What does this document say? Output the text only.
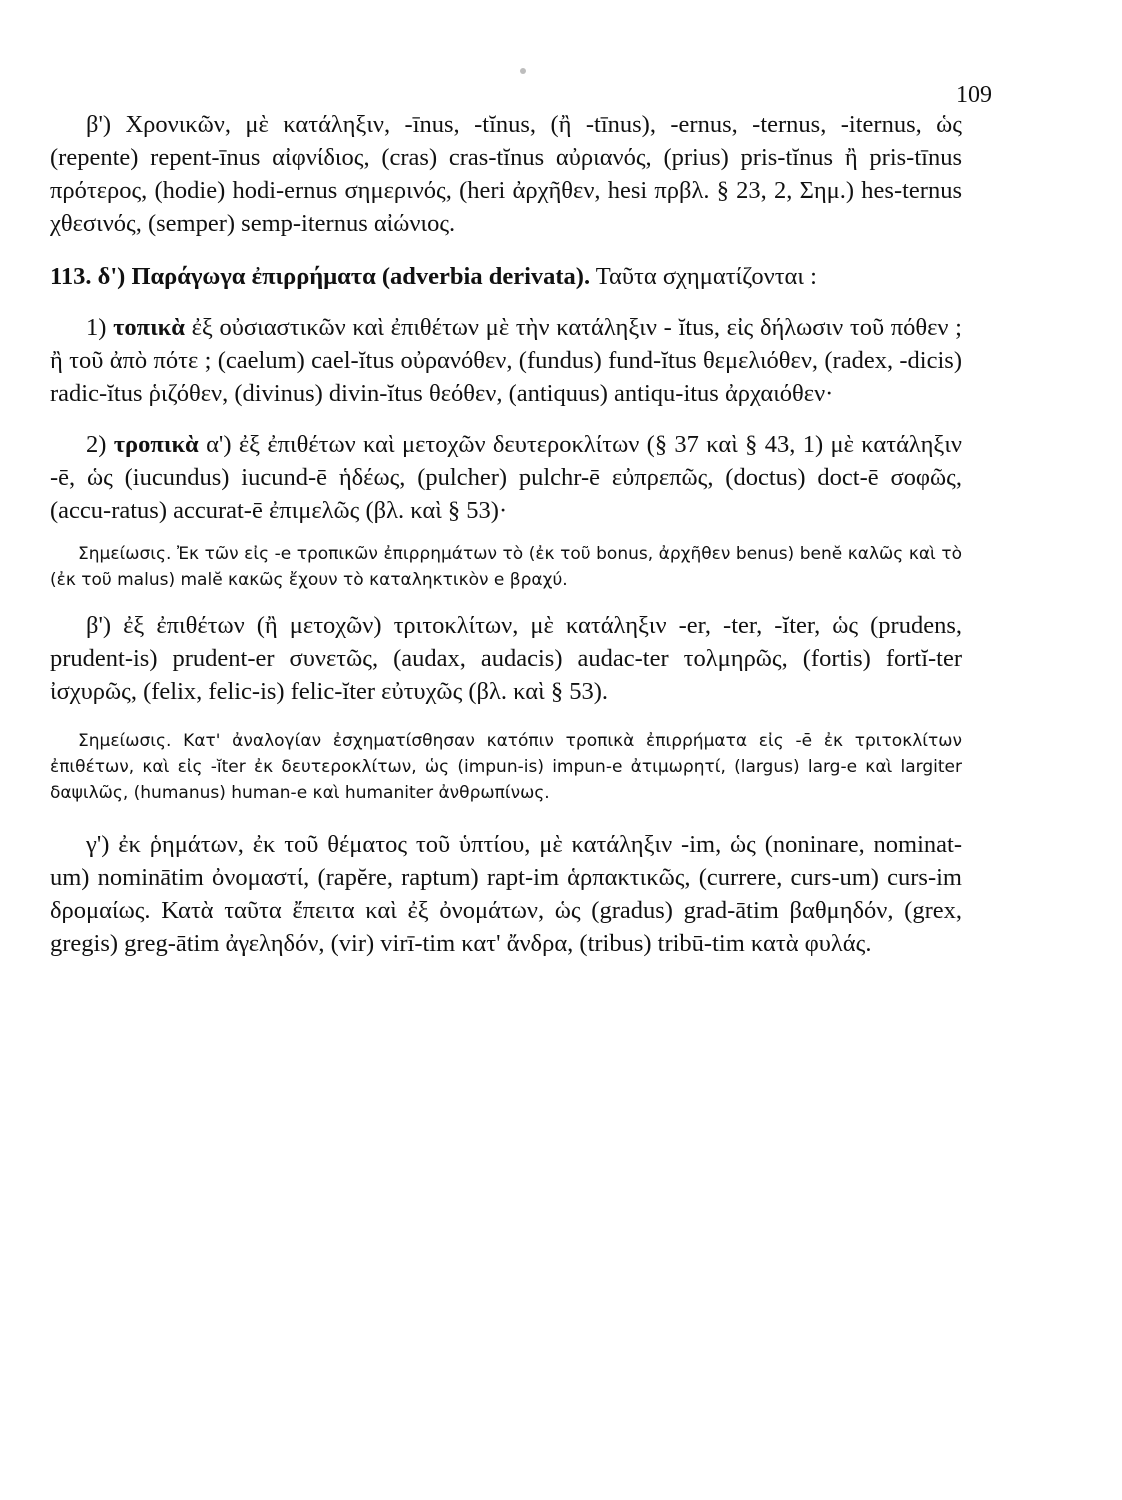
109

β') Χρονικῶν, μὲ κατάληξιν, -īnus, -tĭnus, (ἢ -tīnus), -ernus, -ternus, -iternus, ὡς (repente) repent-īnus αἰφνίδιος, (cras) cras-tĭnus αὐριανός, (prius) pris-tĭnus ἢ pris-tīnus πρότερος, (hodie) hodi-ernus σημερινός, (heri ἀρχῆθεν, hesi πρβλ. § 23, 2, Σημ.) hes-ternus χθεσινός, (semper) semp-iternus αἰώνιος.

113. δ') Παράγωγα ἐπιρρήματα (adverbia derivata). Ταῦτα σχηματίζονται :

1) τοπικὰ ἐξ οὐσιαστικῶν καὶ ἐπιθέτων μὲ τὴν κατάληξιν - ĭtus, εἰς δήλωσιν τοῦ πόθεν ; ἢ τοῦ ἀπὸ πότε ; (caelum) cael-ĭtus οὐρανόθεν, (fundus) fund-ĭtus θεμελιόθεν, (radex, -dicis) radic-ĭtus ῥιζόθεν, (divinus) divin-ĭtus θεόθεν, (antiquus) antiqu-itus ἀρχαιόθεν·

2) τροπικὰ α') ἐξ ἐπιθέτων καὶ μετοχῶν δευτεροκλίτων (§ 37 καὶ § 43, 1) μὲ κατάληξιν -ē, ὡς (iucundus) iucund-ē ἡδέως, (pulcher) pulchr-ē εὐπρεπῶς, (doctus) doct-ē σοφῶς, (accu-ratus) accurat-ē ἐπιμελῶς (βλ. καὶ § 53)·

Σημείωσις. Ἐκ τῶν εἰς -e τροπικῶν ἐπιρρημάτων τὸ (ἐκ τοῦ bonus, ἀρχῆθεν benus) benĕ καλῶς καὶ τὸ (ἐκ τοῦ malus) malĕ κακῶς ἔχουν τὸ καταληκτικὸν e βραχύ.

β') ἐξ ἐπιθέτων (ἢ μετοχῶν) τριτοκλίτων, μὲ κατάληξιν -er, -ter, -ĭter, ὡς (prudens, prudent-is) prudent-er συνετῶς, (audax, audacis) audac-ter τολμηρῶς, (fortis) fortĭ-ter ἰσχυρῶς, (felix, felic-is) felic-ĭter εὐτυχῶς (βλ. καὶ § 53).

Σημείωσις. Κατ' ἀναλογίαν ἐσχηματίσθησαν κατόπιν τροπικὰ ἐπιρρήματα εἰς -ē ἐκ τριτοκλίτων ἐπιθέτων, καὶ εἰς -ĭter ἐκ δευτεροκλίτων, ὡς (impun-is) impun-e ἀτιμωρητί, (largus) larg-e καὶ largiter δαψιλῶς, (humanus) human-e καὶ humaniter ἀνθρωπίνως.

γ') ἐκ ῥημάτων, ἐκ τοῦ θέματος τοῦ ὑπτίου, μὲ κατάληξιν -im, ὡς (noninare, nominat-um) nominātim ὀνομαστί, (rapĕre, raptum) rapt-im ἁρπακτικῶς, (currere, curs-um) curs-im δρομαίως. Κατὰ ταῦτα ἔπειτα καὶ ἐξ ὀνομάτων, ὡς (gradus) grad-ātim βαθμηδόν, (grex, gregis) greg-ātim ἀγεληδόν, (vir) virī-tim κατ' ἄνδρα, (tribus) tribū-tim κατὰ φυλάς.
